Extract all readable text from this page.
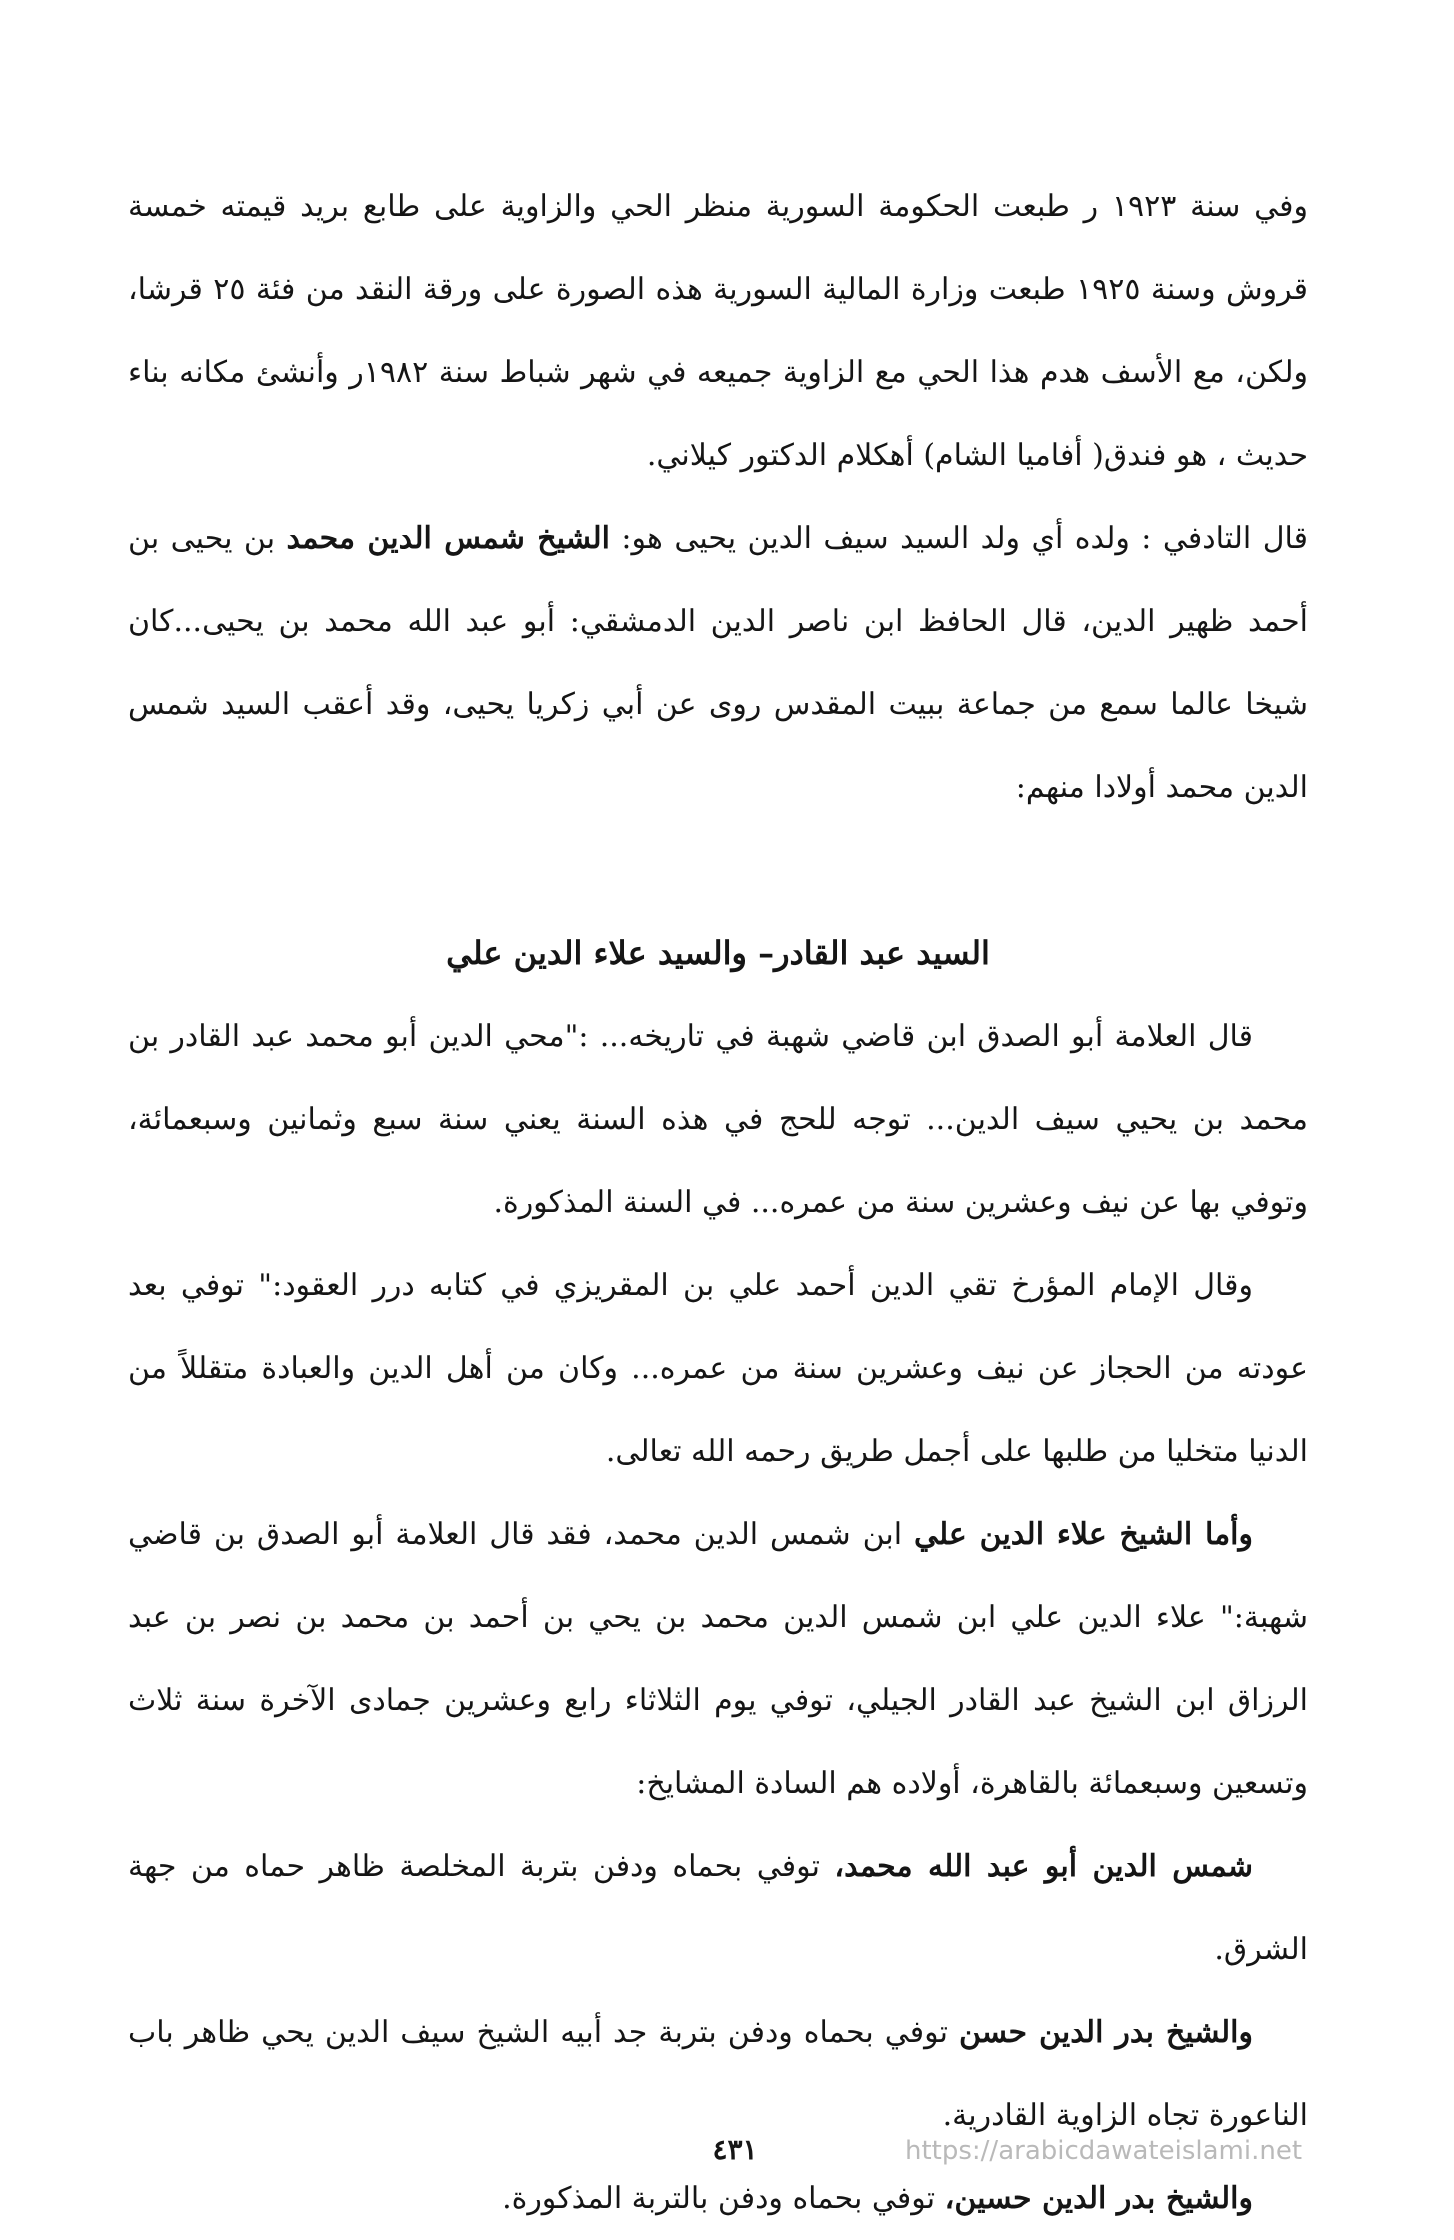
وفي سنة ١٩٢٣ ر طبعت الحكومة السورية منظر الحي والزاوية على طابع بريد قيمته خمسة قروش وسنة ١٩٢٥ طبعت وزارة المالية السورية هذه الصورة على ورقة النقد من فئة ٢٥ قرشا، ولكن، مع الأسف هدم هذا الحي مع الزاوية جميعه في شهر شباط سنة ١٩٨٢ر وأنشئ مكانه بناء حديث ، هو فندق( أفاميا الشام) أهكلام الدكتور كيلاني.

قال التادفي : ولده أي ولد السيد سيف الدين يحيى هو: الشيخ شمس الدين محمد بن يحيى بن أحمد ظهير الدين، قال الحافظ ابن ناصر الدين الدمشقي: أبو عبد الله محمد بن يحيى...كان شيخا عالما سمع من جماعة ببيت المقدس روى عن أبي زكريا يحيى، وقد أعقب السيد شمس الدين محمد أولادا منهم:

السيد عبد القادر– والسيد علاء الدين علي

قال العلامة أبو الصدق ابن قاضي شهبة في تاريخه... :"محي الدين أبو محمد عبد القادر بن محمد بن يحيي سيف الدين... توجه للحج في هذه السنة يعني سنة سبع وثمانين وسبعمائة، وتوفي بها عن نيف وعشرين سنة من عمره... في السنة المذكورة.

وقال الإمام المؤرخ تقي الدين أحمد علي بن المقريزي في كتابه درر العقود:" توفي بعد عودته من الحجاز عن نيف وعشرين سنة من عمره... وكان من أهل الدين والعبادة متقللاً من الدنيا متخليا من طلبها على أجمل طريق رحمه الله تعالى.

وأما الشيخ علاء الدين علي ابن شمس الدين محمد، فقد قال العلامة أبو الصدق بن قاضي شهبة:" علاء الدين علي ابن شمس الدين محمد بن يحي بن أحمد بن محمد بن نصر بن عبد الرزاق ابن الشيخ عبد القادر الجيلي، توفي يوم الثلاثاء رابع وعشرين جمادى الآخرة سنة ثلاث وتسعين وسبعمائة بالقاهرة، أولاده هم السادة المشايخ:

شمس الدين أبو عبد الله محمد، توفي بحماه ودفن بتربة المخلصة ظاهر حماه من جهة الشرق.

والشيخ بدر الدين حسن توفي بحماه ودفن بتربة جد أبيه الشيخ سيف الدين يحي ظاهر باب الناعورة تجاه الزاوية القادرية.

والشيخ بدر الدين حسين، توفي بحماه ودفن بالتربة المذكورة.

٤٣١	https://arabicdawateislami.net
